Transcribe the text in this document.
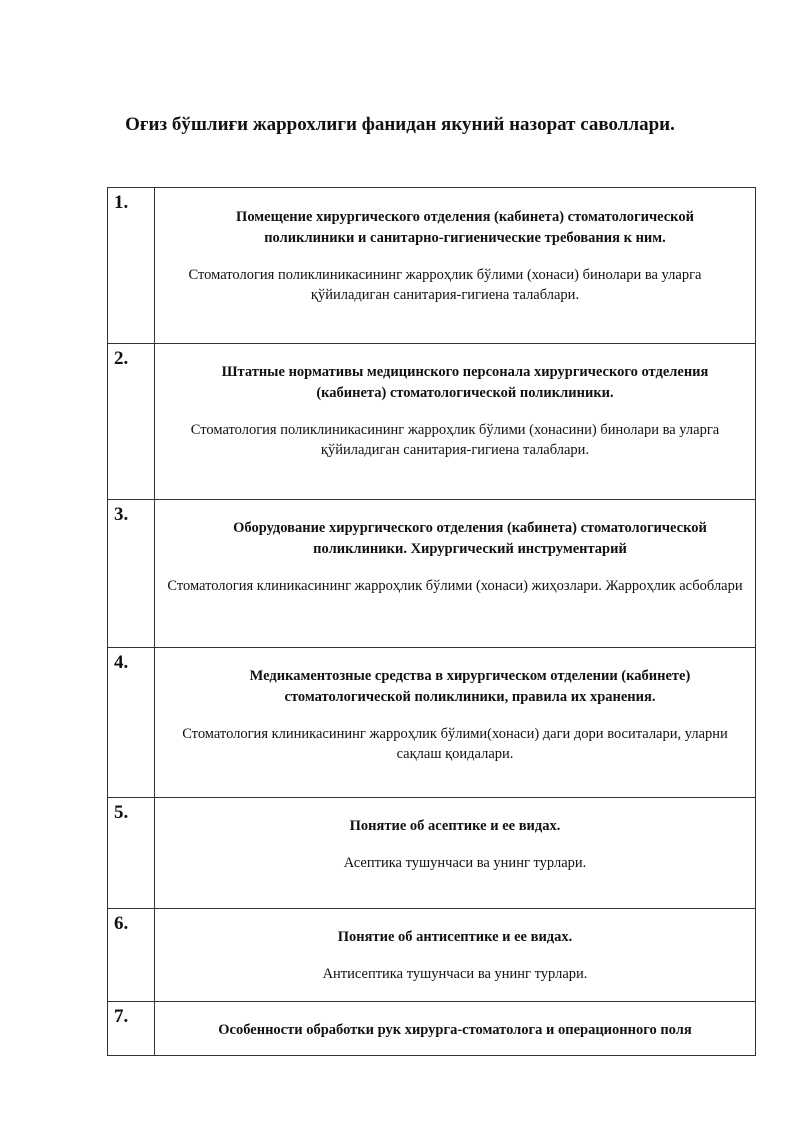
Оғиз бўшлиғи жаррохлиги фанидан якуний назорат саволлари.
1.	Помещение хирургического отделения (кабинета) стоматологической поликлиники и санитарно-гигиенические требования к ним.
Стоматология поликлиникасининг жарроҳлик бўлими (хонаси) бинолари ва уларга қўйиладиган санитария-гигиена талаблари.

2.	Штатные нормативы медицинского персонала хирургического отделения (кабинета) стоматологической поликлиники.
Стоматология поликлиникасининг жарроҳлик бўлими (хонасини) бинолари ва уларга қўйиладиган санитария-гигиена талаблари.

3.	Оборудование хирургического отделения (кабинета) стоматологической поликлиники. Хирургический инструментарий
Стоматология клиникасининг жарроҳлик бўлими (хонаси) жиҳозлари. Жарроҳлик асбоблари

4.	Медикаментозные средства в хирургическом отделении (кабинете) стоматологической поликлиники, правила их хранения.
Стоматология клиникасининг жарроҳлик бўлими(хонаси) даги дори воситалари, уларни сақлаш қоидалари.

5.	Понятие об асептике и ее видах.
Асептика тушунчаси ва унинг турлари.

6.	Понятие об антисептике и ее видах.
Антисептика тушунчаси ва унинг турлари.

7.	Особенности обработки рук хирурга-стоматолога и операционного поля
